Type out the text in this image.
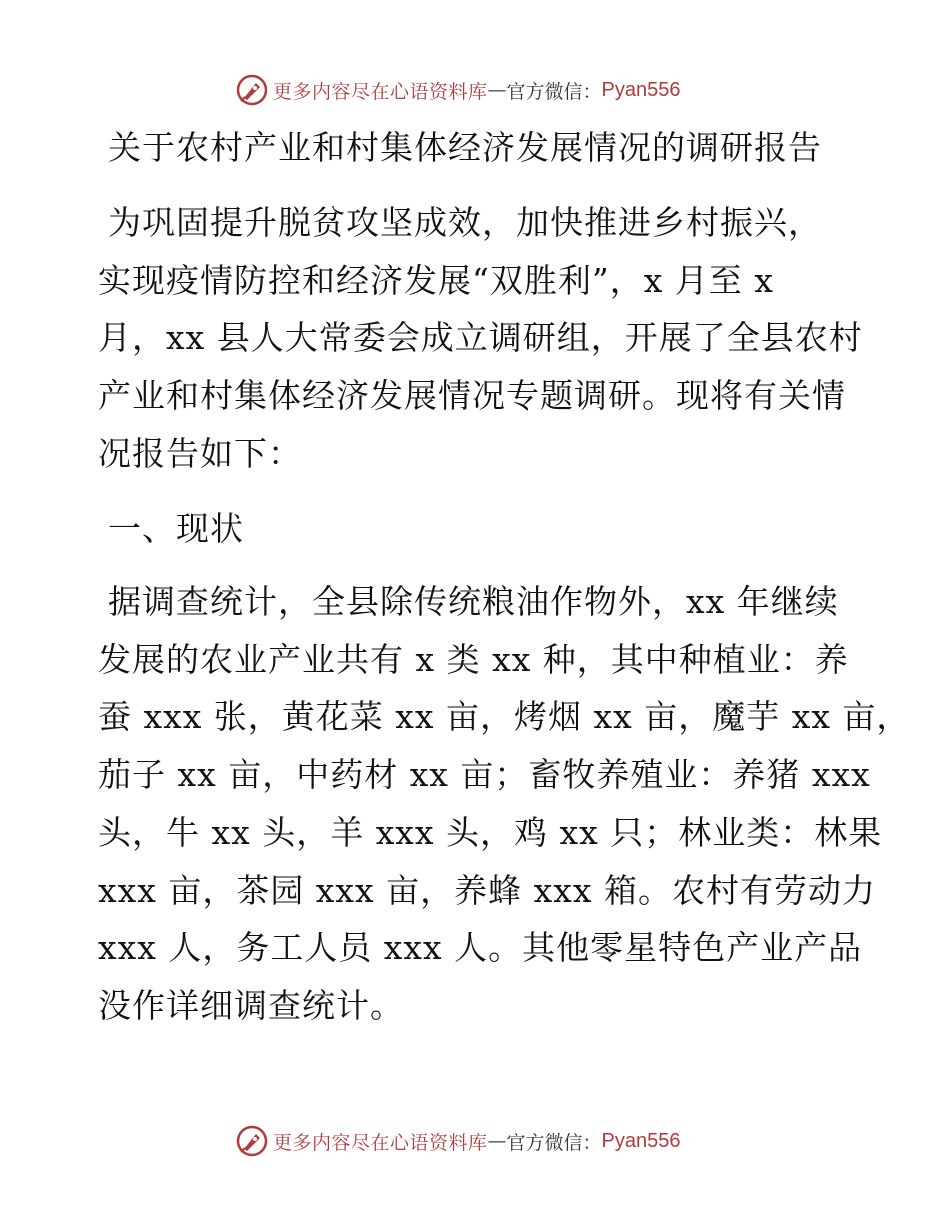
更多内容尽在心语资料库 — 官方微信： Pyan556
关于农村产业和村集体经济发展情况的调研报告
为巩固提升脱贫攻坚成效，加快推进乡村振兴，
实现疫情防控和经济发展“双胜利”，x 月至 x
月，xx 县人大常委会成立调研组，开展了全县农村
产业和村集体经济发展情况专题调研。现将有关情
况报告如下：
一、现状
据调查统计，全县除传统粮油作物外，xx 年继续
发展的农业产业共有 x 类 xx 种，其中种植业：养
蚕 xxx 张，黄花菜 xx 亩，烤烟 xx 亩，魔芋 xx 亩，
茄子 xx 亩，中药材 xx 亩；畜牧养殖业：养猪 xxx
头，牛 xx 头，羊 xxx 头，鸡 xx 只；林业类：林果
xxx 亩，茶园 xxx 亩，养蜂 xxx 箱。农村有劳动力
xxx 人，务工人员 xxx 人。其他零星特色产业产品
没作详细调查统计。
更多内容尽在心语资料库 — 官方微信： Pyan556
